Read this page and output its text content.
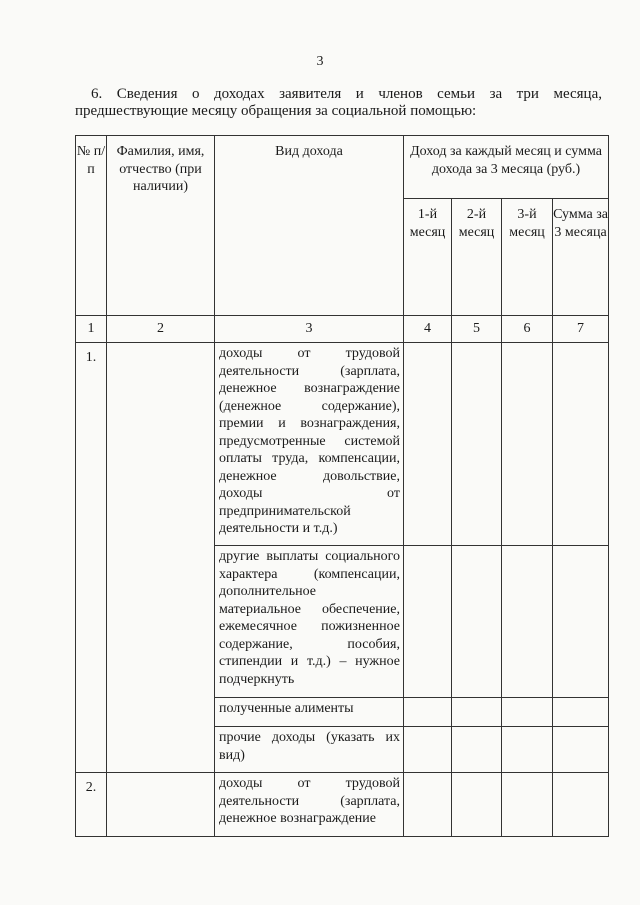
3
6. Сведения о доходах заявителя и членов семьи за три месяца,
предшествующие месяцу обращения за социальной помощью:
№ п/п	Фамилия, имя, отчество (при наличии)	Вид дохода	Доход за каждый месяц и сумма дохода за 3 месяца (руб.)			
			1-й месяц	2-й месяц	3-й месяц	Сумма за 3 месяца
1	2	3	4	5	6	7
1.		доходы от трудовой деятельности (зарплата, денежное вознаграждение (денежное содержание), премии и вознаграждения, предусмотренные системой оплаты труда, компенсации, денежное довольствие, доходы от предпринимательской деятельности и т.д.)				
		другие выплаты социального характера (компенсации, дополнительное материальное обеспечение, ежемесячное пожизненное содержание, пособия, стипендии и т.д.) – нужное подчеркнуть				
		полученные алименты				
		прочие доходы (указать их вид)				
2.		доходы от трудовой деятельности (зарплата, денежное вознаграждение				
